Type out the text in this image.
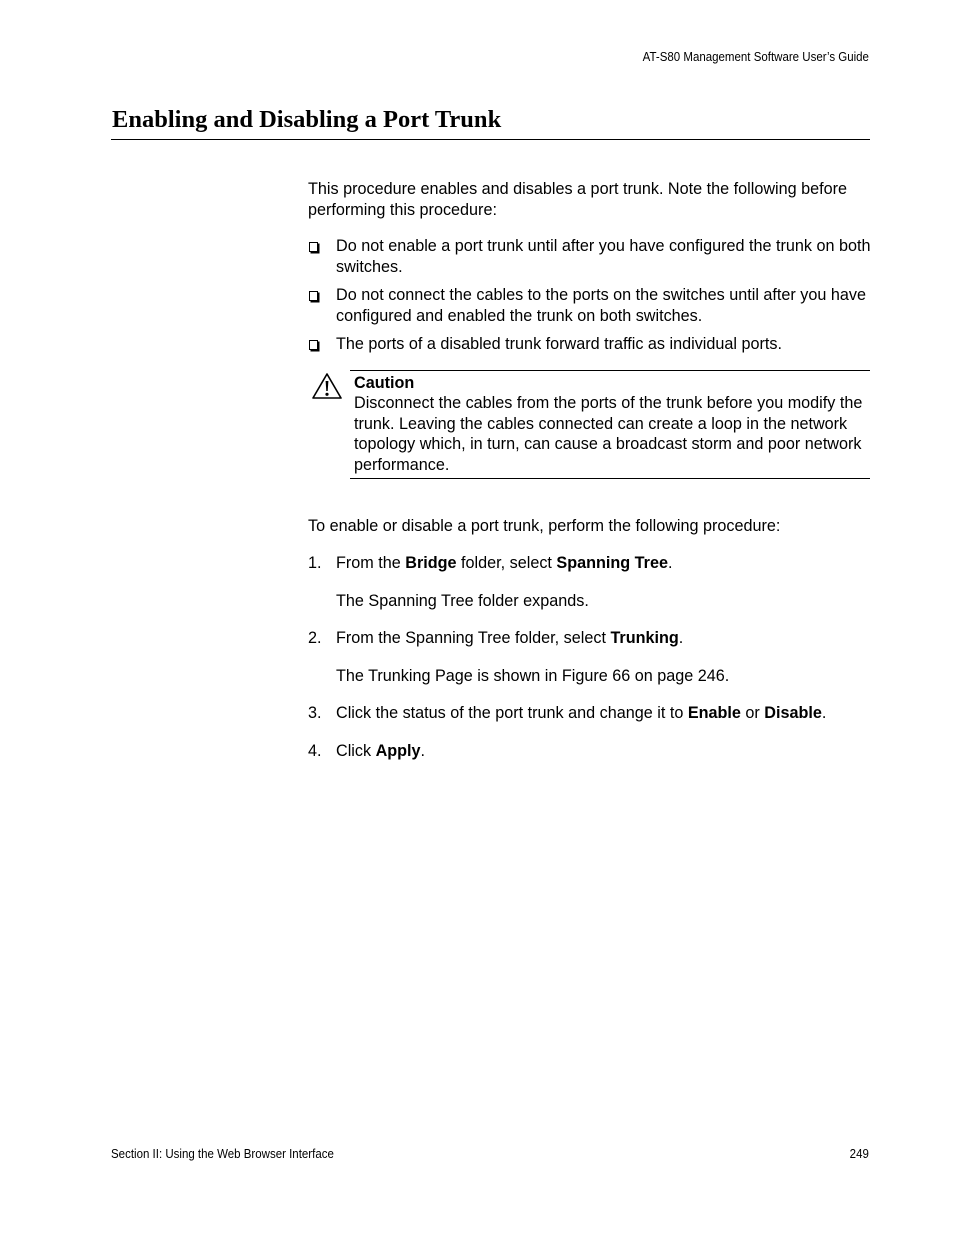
AT-S80 Management Software User’s Guide
Enabling and Disabling a Port Trunk

This procedure enables and disables a port trunk. Note the following before performing this procedure:

Do not enable a port trunk until after you have configured the trunk on both switches.
Do not connect the cables to the ports on the switches until after you have configured and enabled the trunk on both switches.
The ports of a disabled trunk forward traffic as individual ports.
Caution
Disconnect the cables from the ports of the trunk before you modify the trunk. Leaving the cables connected can create a loop in the network topology which, in turn, can cause a broadcast storm and poor network performance.

To enable or disable a port trunk, perform the following procedure:

1. From the Bridge folder, select Spanning Tree.

The Spanning Tree folder expands.

2. From the Spanning Tree folder, select Trunking.

The Trunking Page is shown in Figure 66 on page 246.

3. Click the status of the port trunk and change it to Enable or Disable.

4. Click Apply.

Section II: Using the Web Browser Interface	249
